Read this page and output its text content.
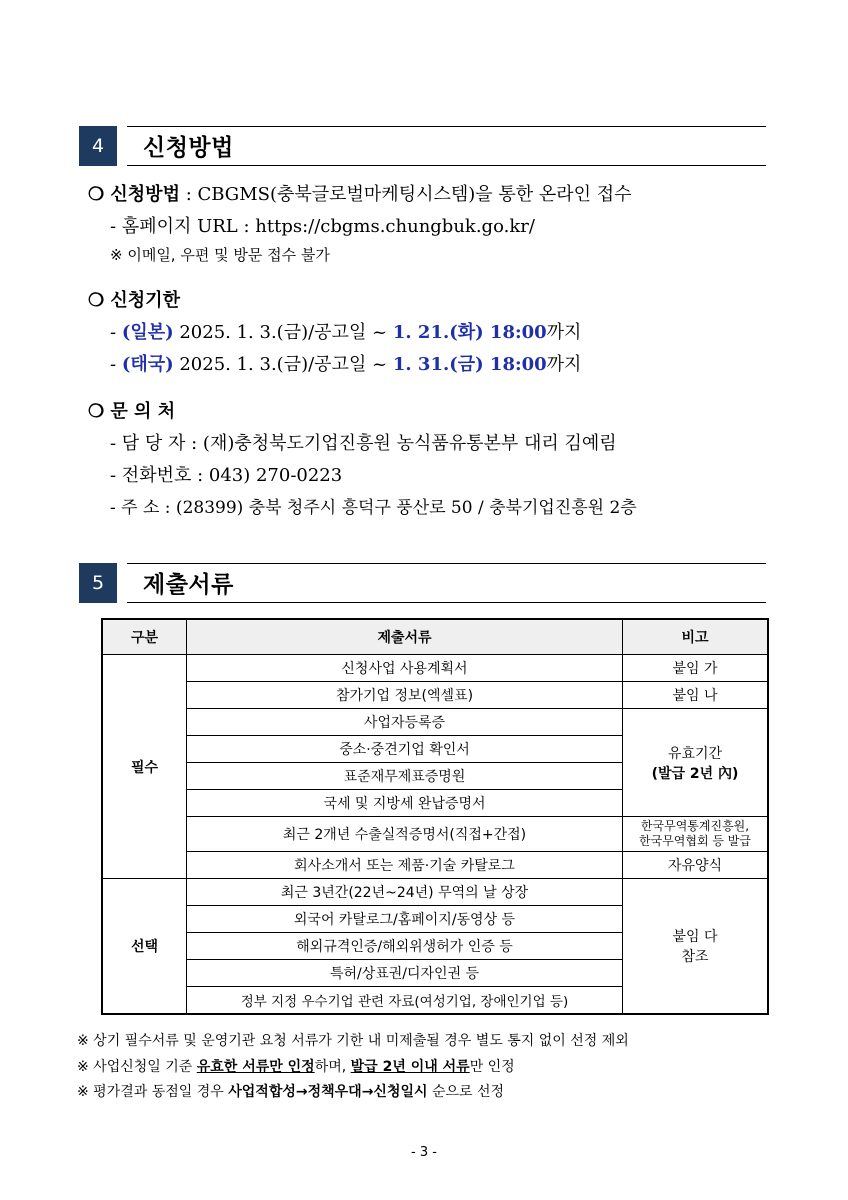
4	신청방법
❍ 신청방법 : CBGMS(충북글로벌마케팅시스템)을 통한 온라인 접수
- 홈페이지 URL : https://cbgms.chungbuk.go.kr/
※ 이메일, 우편 및 방문 접수 불가
❍ 신청기한
- (일본) 2025. 1. 3.(금)/공고일 ~ 1. 21.(화) 18:00까지
- (태국) 2025. 1. 3.(금)/공고일 ~ 1. 31.(금) 18:00까지
❍ 문 의 처
- 담 당 자 : (재)충청북도기업진흥원 농식품유통본부 대리 김예림
- 전화번호 : 043) 270-0223
- 주 소 : (28399) 충북 청주시 흥덕구 풍산로 50 / 충북기업진흥원 2층
5	제출서류
구분	제출서류	비고
필수	신청사업 사용계획서	붙임 가
	참가기업 정보(엑셀표)	붙임 나
	사업자등록증	유효기간
(발급 2년 內)

	중소·중견기업 확인서	
	표준재무제표증명원	
	국세 및 지방세 완납증명서	
	최근 2개년 수출실적증명서(직접+간접)	한국무역통계진흥원,
한국무역협회 등 발급

	회사소개서 또는 제품·기술 카탈로그	자유양식
선택	최근 3년간(22년~24년) 무역의 날 상장	붙임 다
참조

	외국어 카탈로그/홈페이지/동영상 등	
	해외규격인증/해외위생허가 인증 등	
	특허/상표권/디자인권 등	
	정부 지정 우수기업 관련 자료(여성기업, 장애인기업 등)	
※ 상기 필수서류 및 운영기관 요청 서류가 기한 내 미제출될 경우 별도 통지 없이 선정 제외
※ 사업신청일 기준 유효한 서류만 인정하며, 발급 2년 이내 서류만 인정
※ 평가결과 동점일 경우 사업적합성→정책우대→신청일시 순으로 선정
- 3 -
